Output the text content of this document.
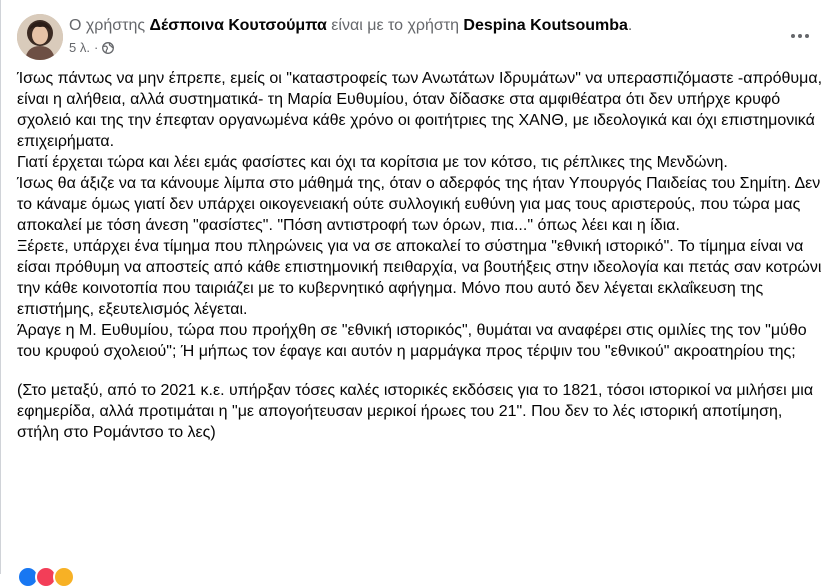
Ο χρήστης Δέσποινα Κουτσούμπα είναι με το χρήστη Despina Koutsoumba.
5 λ. ·

Ίσως πάντως να μην έπρεπε, εμείς οι "καταστροφείς των Ανωτάτων Ιδρυμάτων" να υπερασπιζόμαστε -απρόθυμα, είναι η αλήθεια, αλλά συστηματικά- τη Μαρία Ευθυμίου, όταν δίδασκε στα αμφιθέατρα ότι δεν υπήρχε κρυφό σχολειό και της την έπεφταν οργανωμένα κάθε χρόνο οι φοιτήτριες της ΧΑΝΘ, με ιδεολογικά και όχι επιστημονικά επιχειρήματα.

Γιατί έρχεται τώρα και λέει εμάς φασίστες και όχι τα κορίτσια με τον κότσο, τις ρέπλικες της Μενδώνη.

Ίσως θα άξιζε να τα κάνουμε λίμπα στο μάθημά της, όταν ο αδερφός της ήταν Υπουργός Παιδείας του Σημίτη. Δεν το κάναμε όμως γιατί δεν υπάρχει οικογενειακή ούτε συλλογική ευθύνη για μας τους αριστερούς, που τώρα μας αποκαλεί με τόση άνεση "φασίστες". "Πόση αντιστροφή των όρων, πια..." όπως λέει και η ίδια.

Ξέρετε, υπάρχει ένα τίμημα που πληρώνεις για να σε αποκαλεί το σύστημα "εθνική ιστορικό". Το τίμημα είναι να είσαι πρόθυμη να αποστείς από κάθε επιστημονική πειθαρχία, να βουτήξεις στην ιδεολογία και πετάς σαν κοτρώνι την κάθε κοινοτοπία που ταιριάζει με το κυβερνητικό αφήγημα. Μόνο που αυτό δεν λέγεται εκλαΐκευση της επιστήμης, εξευτελισμός λέγεται.

Άραγε η Μ. Ευθυμίου, τώρα που προήχθη σε "εθνική ιστορικός", θυμάται να αναφέρει στις ομιλίες της τον "μύθο του κρυφού σχολειού"; Ή μήπως τον έφαγε και αυτόν η μαρμάγκα προς τέρψιν του "εθνικού" ακροατηρίου της;

(Στο μεταξύ, από το 2021 κ.ε. υπήρξαν τόσες καλές ιστορικές εκδόσεις για το 1821, τόσοι ιστορικοί να μιλήσει μια εφημερίδα, αλλά προτιμάται η "με απογοήτευσαν μερικοί ήρωες του 21". Που δεν το λές ιστορική αποτίμηση, στήλη στο Ρομάντσο το λες)
